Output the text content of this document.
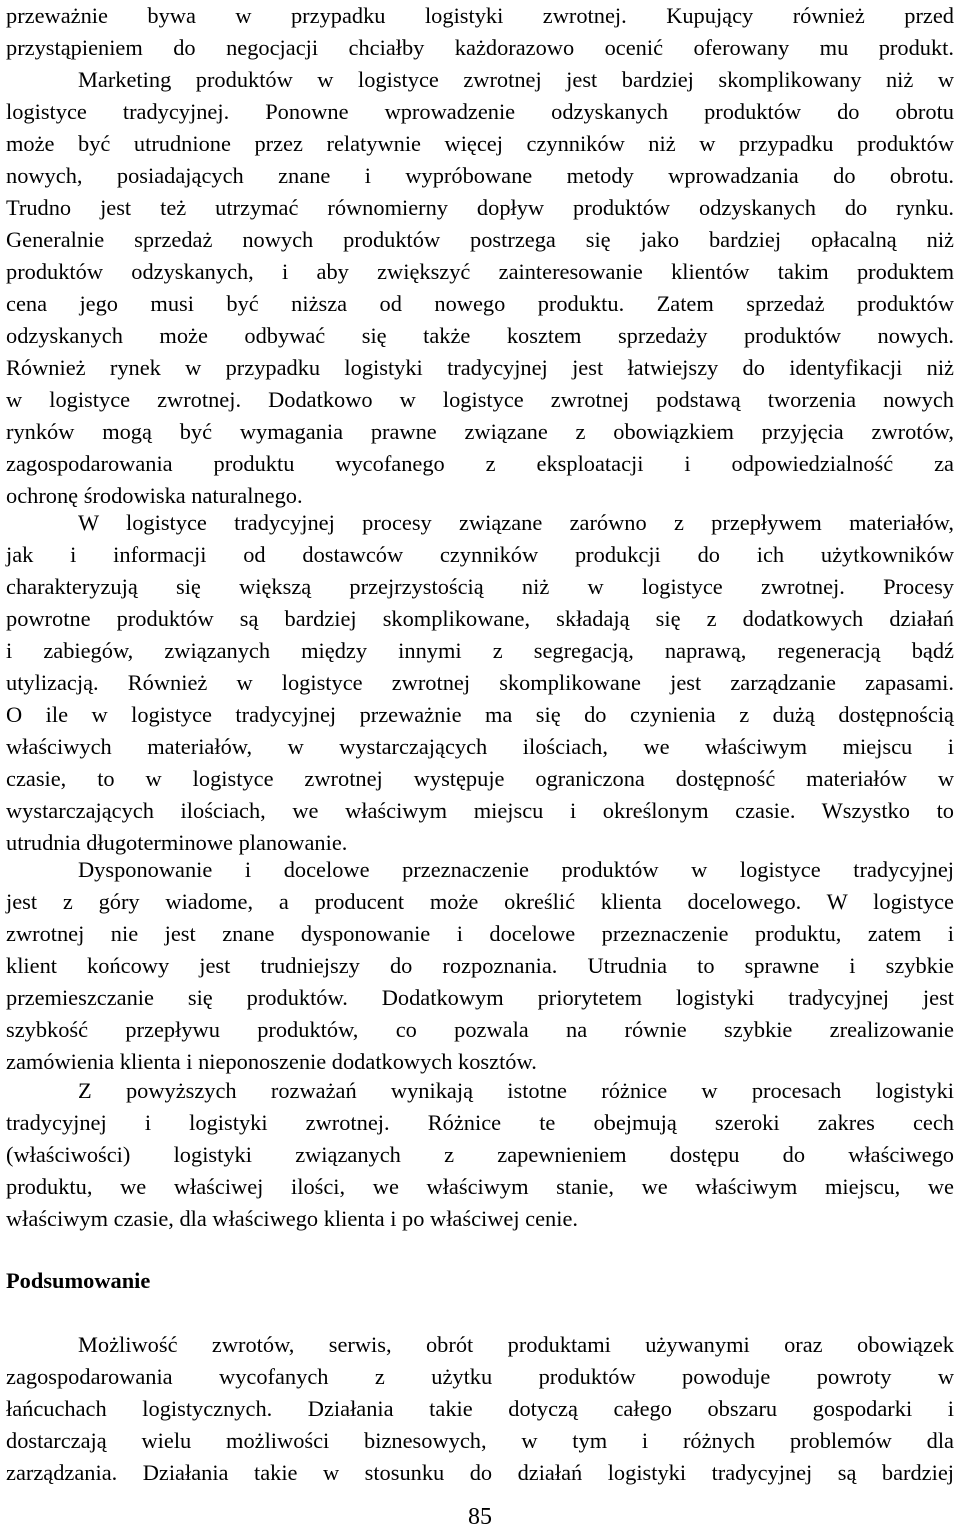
przeważnie bywa w przypadku logistyki zwrotnej. Kupujący również przed
przystąpieniem do negocjacji chciałby każdorazowo ocenić oferowany mu produkt.
Marketing produktów w logistyce zwrotnej jest bardziej skomplikowany niż w
logistyce tradycyjnej. Ponowne wprowadzenie odzyskanych produktów do obrotu
może być utrudnione przez relatywnie więcej czynników niż w przypadku produktów
nowych, posiadających znane i wypróbowane metody wprowadzania do obrotu.
Trudno jest też utrzymać równomierny dopływ produktów odzyskanych do rynku.
Generalnie sprzedaż nowych produktów postrzega się jako bardziej opłacalną niż
produktów odzyskanych, i aby zwiększyć zainteresowanie klientów takim produktem
cena jego musi być niższa od nowego produktu. Zatem sprzedaż produktów
odzyskanych może odbywać się także kosztem sprzedaży produktów nowych.
Również rynek w przypadku logistyki tradycyjnej jest łatwiejszy do identyfikacji niż
w logistyce zwrotnej. Dodatkowo w logistyce zwrotnej podstawą tworzenia nowych
rynków mogą być wymagania prawne związane z obowiązkiem przyjęcia zwrotów,
zagospodarowania produktu wycofanego z eksploatacji i odpowiedzialność za
ochronę środowiska naturalnego.
W logistyce tradycyjnej procesy związane zarówno z przepływem materiałów,
jak i informacji od dostawców czynników produkcji do ich użytkowników
charakteryzują się większą przejrzystością niż w logistyce zwrotnej. Procesy
powrotne produktów są bardziej skomplikowane, składają się z dodatkowych działań
i zabiegów, związanych między innymi z segregacją, naprawą, regeneracją bądź
utylizacją. Również w logistyce zwrotnej skomplikowane jest zarządzanie zapasami.
O ile w logistyce tradycyjnej przeważnie ma się do czynienia z dużą dostępnością
właściwych materiałów, w wystarczających ilościach, we właściwym miejscu i
czasie, to w logistyce zwrotnej występuje ograniczona dostępność materiałów w
wystarczających ilościach, we właściwym miejscu i określonym czasie. Wszystko to
utrudnia długoterminowe planowanie.
Dysponowanie i docelowe przeznaczenie produktów w logistyce tradycyjnej
jest z góry wiadome, a producent może określić klienta docelowego. W logistyce
zwrotnej nie jest znane dysponowanie i docelowe przeznaczenie produktu, zatem i
klient końcowy jest trudniejszy do rozpoznania. Utrudnia to sprawne i szybkie
przemieszczanie się produktów. Dodatkowym priorytetem logistyki tradycyjnej jest
szybkość przepływu produktów, co pozwala na równie szybkie zrealizowanie
zamówienia klienta i nieponoszenie dodatkowych kosztów.
Z powyższych rozważań wynikają istotne różnice w procesach logistyki
tradycyjnej i logistyki zwrotnej. Różnice te obejmują szeroki zakres cech
(właściwości) logistyki związanych z zapewnieniem dostępu do właściwego
produktu, we właściwej ilości, we właściwym stanie, we właściwym miejscu, we
właściwym czasie, dla właściwego klienta i po właściwej cenie.
Podsumowanie
Możliwość zwrotów, serwis, obrót produktami używanymi oraz obowiązek
zagospodarowania wycofanych z użytku produktów powoduje powroty w
łańcuchach logistycznych. Działania takie dotyczą całego obszaru gospodarki i
dostarczają wielu możliwości biznesowych, w tym i różnych problemów dla
zarządzania. Działania takie w stosunku do działań logistyki tradycyjnej są bardziej
85
